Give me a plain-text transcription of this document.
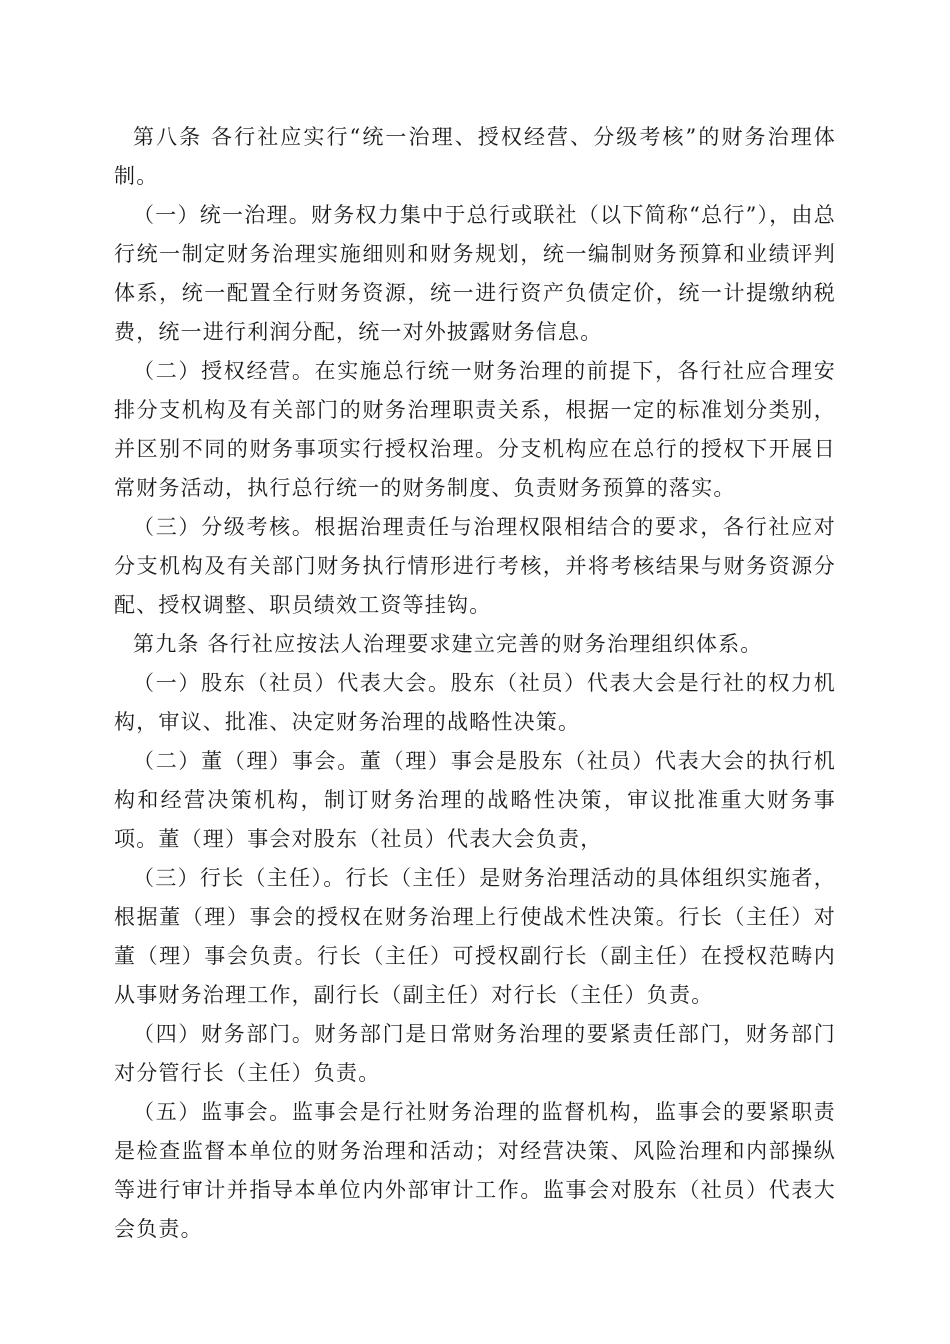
第八条 各行社应实行“统一治理、授权经营、分级考核”的财务治理体制。

（一）统一治理。财务权力集中于总行或联社（以下简称“总行”），由总行统一制定财务治理实施细则和财务规划，统一编制财务预算和业绩评判体系，统一配置全行财务资源，统一进行资产负债定价，统一计提缴纳税费，统一进行利润分配，统一对外披露财务信息。

（二）授权经营。在实施总行统一财务治理的前提下，各行社应合理安排分支机构及有关部门的财务治理职责关系，根据一定的标准划分类别，并区别不同的财务事项实行授权治理。分支机构应在总行的授权下开展日常财务活动，执行总行统一的财务制度、负责财务预算的落实。

（三）分级考核。根据治理责任与治理权限相结合的要求，各行社应对分支机构及有关部门财务执行情形进行考核，并将考核结果与财务资源分配、授权调整、职员绩效工资等挂钩。

第九条 各行社应按法人治理要求建立完善的财务治理组织体系。

（一）股东（社员）代表大会。股东（社员）代表大会是行社的权力机构，审议、批准、决定财务治理的战略性决策。

（二）董（理）事会。董（理）事会是股东（社员）代表大会的执行机构和经营决策机构，制订财务治理的战略性决策，审议批准重大财务事项。董（理）事会对股东（社员）代表大会负责，

（三）行长（主任）。行长（主任）是财务治理活动的具体组织实施者，根据董（理）事会的授权在财务治理上行使战术性决策。行长（主任）对董（理）事会负责。行长（主任）可授权副行长（副主任）在授权范畴内从事财务治理工作，副行长（副主任）对行长（主任）负责。

（四）财务部门。财务部门是日常财务治理的要紧责任部门，财务部门对分管行长（主任）负责。

（五）监事会。监事会是行社财务治理的监督机构，监事会的要紧职责是检查监督本单位的财务治理和活动；对经营决策、风险治理和内部操纵等进行审计并指导本单位内外部审计工作。监事会对股东（社员）代表大会负责。
